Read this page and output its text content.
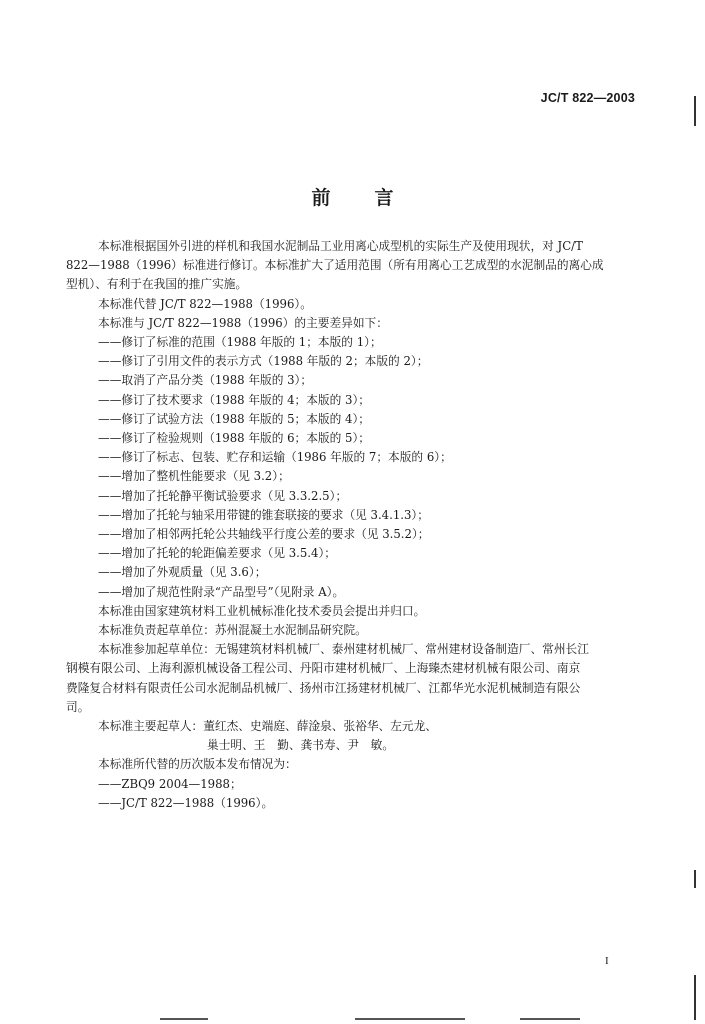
JC/T 822—2003
前 言
本标准根据国外引进的样机和我国水泥制品工业用离心成型机的实际生产及使用现状，对 JC/T
822—1988（1996）标准进行修订。本标准扩大了适用范围（所有用离心工艺成型的水泥制品的离心成
型机）、有利于在我国的推广实施。
本标准代替 JC/T 822—1988（1996）。
本标准与 JC/T 822—1988（1996）的主要差异如下：
——修订了标准的范围（1988 年版的 1；本版的 1）；
——修订了引用文件的表示方式（1988 年版的 2；本版的 2）；
——取消了产品分类（1988 年版的 3）；
——修订了技术要求（1988 年版的 4；本版的 3）；
——修订了试验方法（1988 年版的 5；本版的 4）；
——修订了检验规则（1988 年版的 6；本版的 5）；
——修订了标志、包装、贮存和运输（1986 年版的 7；本版的 6）；
——增加了整机性能要求（见 3.2）；
——增加了托轮静平衡试验要求（见 3.3.2.5）；
——增加了托轮与轴采用带键的锥套联接的要求（见 3.4.1.3）；
——增加了相邻两托轮公共轴线平行度公差的要求（见 3.5.2）；
——增加了托轮的轮距偏差要求（见 3.5.4）；
——增加了外观质量（见 3.6）；
——增加了规范性附录“产品型号”（见附录 A）。
本标准由国家建筑材料工业机械标准化技术委员会提出并归口。
本标准负责起草单位：苏州混凝土水泥制品研究院。
本标准参加起草单位：无锡建筑材料机械厂、泰州建材机械厂、常州建材设备制造厂、常州长江
钢模有限公司、上海利源机械设备工程公司、丹阳市建材机械厂、上海臻杰建材机械有限公司、南京
费隆复合材料有限责任公司水泥制品机械厂、扬州市江扬建材机械厂、江都华光水泥机械制造有限公
司。
本标准主要起草人：董红杰、史端庭、薛淦泉、张裕华、左元龙、
巢士明、王　勤、龚书寿、尹　敏。
本标准所代替的历次版本发布情况为：
——ZBQ9 2004—1988；
——JC/T 822—1988（1996）。
I
